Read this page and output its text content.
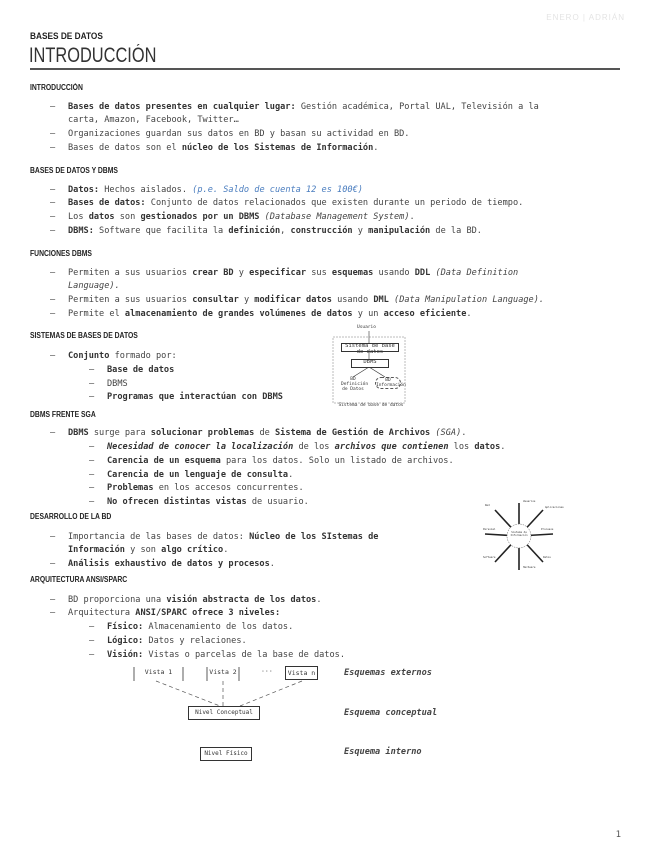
ENERO | ADRIÁN
BASES DE DATOS
INTRODUCCIÓN
INTRODUCCIÓN
– Bases de datos presentes en cualquier lugar: Gestión académica, Portal UAL, Televisión a la
carta, Amazon, Facebook, Twitter…
– Organizaciones guardan sus datos en BD y basan su actividad en BD.
– Bases de datos son el núcleo de los Sistemas de Información.
BASES DE DATOS Y DBMS
– Datos: Hechos aislados. (p.e. Saldo de cuenta 12 es 100€)
– Bases de datos: Conjunto de datos relacionados que existen durante un periodo de tiempo.
– Los datos son gestionados por un DBMS (Database Management System).
– DBMS: Software que facilita la definición, construcción y manipulación de la BD.
FUNCIONES DBMS
– Permiten a sus usuarios crear BD y especificar sus esquemas usando DDL (Data Definition
Language).
– Permiten a sus usuarios consultar y modificar datos usando DML (Data Manipulation Language).
– Permite el almacenamiento de grandes volúmenes de datos y un acceso eficiente.
SISTEMAS DE BASES DE DATOS
– Conjunto formado por:
– Base de datos
– DBMS
– Programas que interactúan con DBMS
Usuario
Sistema de base de datos
DBMS
BD
Definición de Datos
BD
Información
Sistema de base de datos
DBMS FRENTE SGA
– DBMS surge para solucionar problemas de Sistema de Gestión de Archivos (SGA).
– Necesidad de conocer la localización de los archivos que contienen los datos.
– Carencia de un esquema para los datos. Solo un listado de archivos.
– Carencia de un lenguaje de consulta.
– Problemas en los accesos concurrentes.
– No ofrecen distintas vistas de usuario.
DESARROLLO DE LA BD
– Importancia de las bases de datos: Núcleo de los SIstemas de
Información y son algo crítico.
– Análisis exhaustivo de datos y procesos.
Sistema de Información
Usuarios
Aplicaciones
Procesos
Datos
Hardware
Software
Personal
Red
ARQUITECTURA ANSI/SPARC
– BD proporciona una visión abstracta de los datos.
– Arquitectura ANSI/SPARC ofrece 3 niveles:
– Físico: Almacenamiento de los datos.
– Lógico: Datos y relaciones.
– Visión: Vistas o parcelas de la base de datos.
Vista 1	Vista 2	···	Vista n
Nivel Conceptual
Nivel Físico
Esquemas externos
Esquema conceptual
Esquema interno
1
